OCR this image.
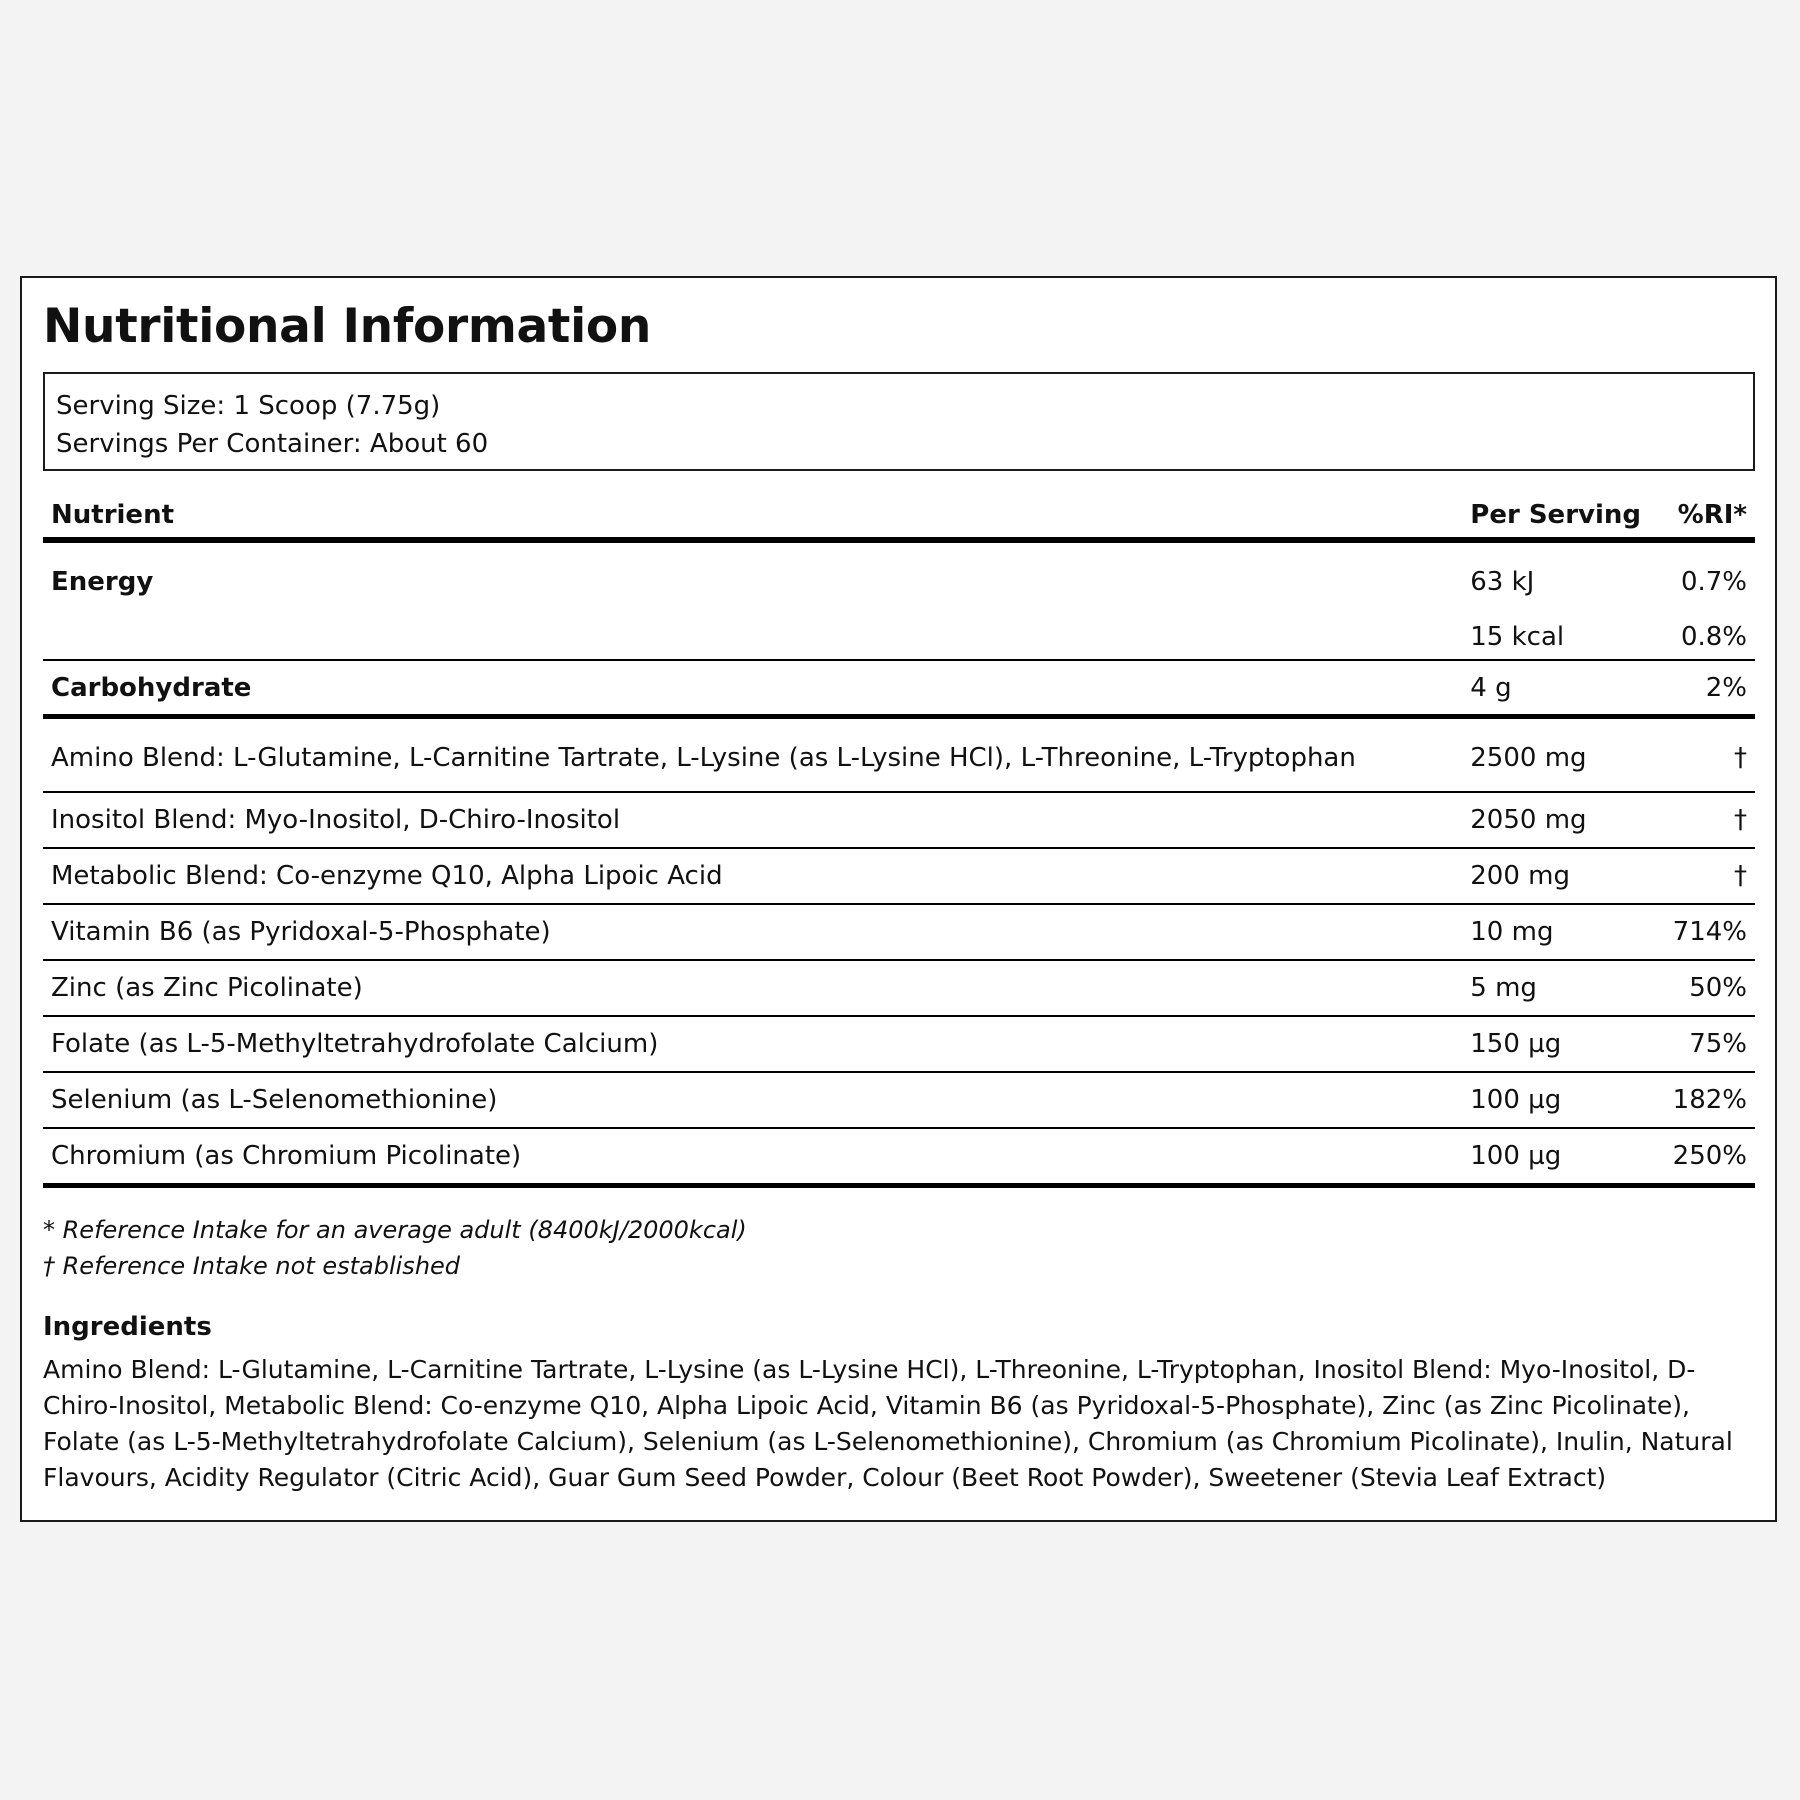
Nutritional Information
Serving Size: 1 Scoop (7.75g)
Servings Per Container: About 60
Nutrient	Per Serving	%RI*
Energy	63 kJ	0.7%
	15 kcal	0.8%
Carbohydrate	4 g	2%
Amino Blend: L-Glutamine, L-Carnitine Tartrate, L-Lysine (as L-Lysine HCl), L-Threonine, L-Tryptophan	2500 mg	†
Inositol Blend: Myo-Inositol, D-Chiro-Inositol	2050 mg	†
Metabolic Blend: Co-enzyme Q10, Alpha Lipoic Acid	200 mg	†
Vitamin B6 (as Pyridoxal-5-Phosphate)	10 mg	714%
Zinc (as Zinc Picolinate)	5 mg	50%
Folate (as L-5-Methyltetrahydrofolate Calcium)	150 µg	75%
Selenium (as L-Selenomethionine)	100 µg	182%
Chromium (as Chromium Picolinate)	100 µg	250%
* Reference Intake for an average adult (8400kJ/2000kcal)
† Reference Intake not established
Ingredients
Amino Blend: L-Glutamine, L-Carnitine Tartrate, L-Lysine (as L-Lysine HCl), L-Threonine, L-Tryptophan, Inositol Blend: Myo-Inositol, D-Chiro-Inositol, Metabolic Blend: Co-enzyme Q10, Alpha Lipoic Acid, Vitamin B6 (as Pyridoxal-5-Phosphate), Zinc (as Zinc Picolinate), Folate (as L-5-Methyltetrahydrofolate Calcium), Selenium (as L-Selenomethionine), Chromium (as Chromium Picolinate), Inulin, Natural Flavours, Acidity Regulator (Citric Acid), Guar Gum Seed Powder, Colour (Beet Root Powder), Sweetener (Stevia Leaf Extract)
